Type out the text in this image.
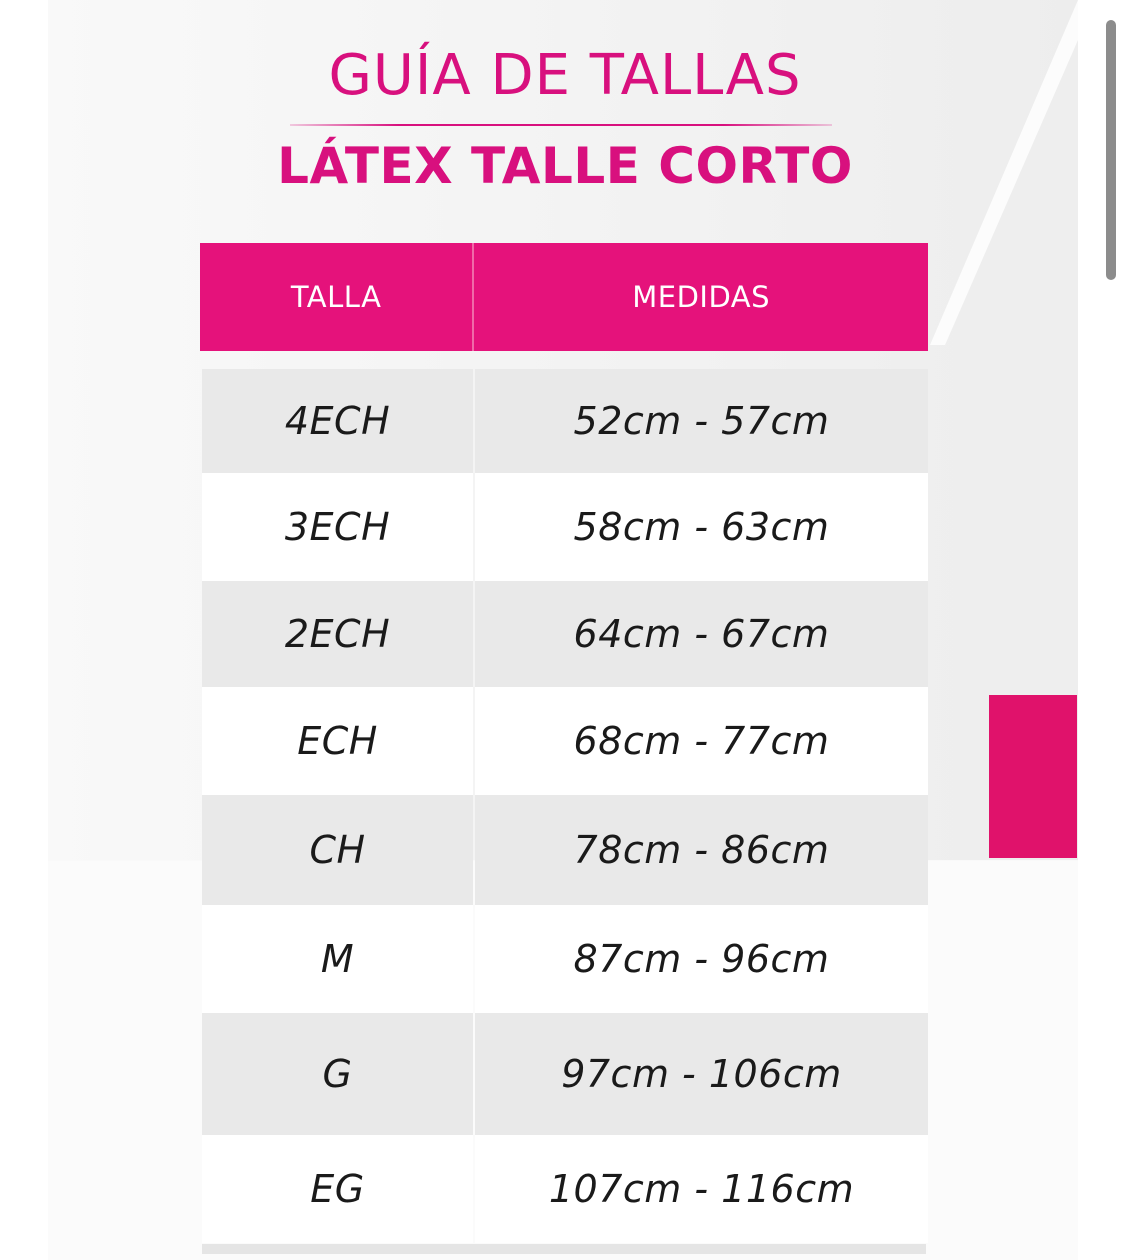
GUÍA DE TALLAS
LÁTEX TALLE CORTO
TALLA	MEDIDAS
4ECH	52cm - 57cm
3ECH	58cm - 63cm
2ECH	64cm - 67cm
ECH	68cm - 77cm
CH	78cm - 86cm
M	87cm - 96cm
G	97cm - 106cm
EG	107cm - 116cm
